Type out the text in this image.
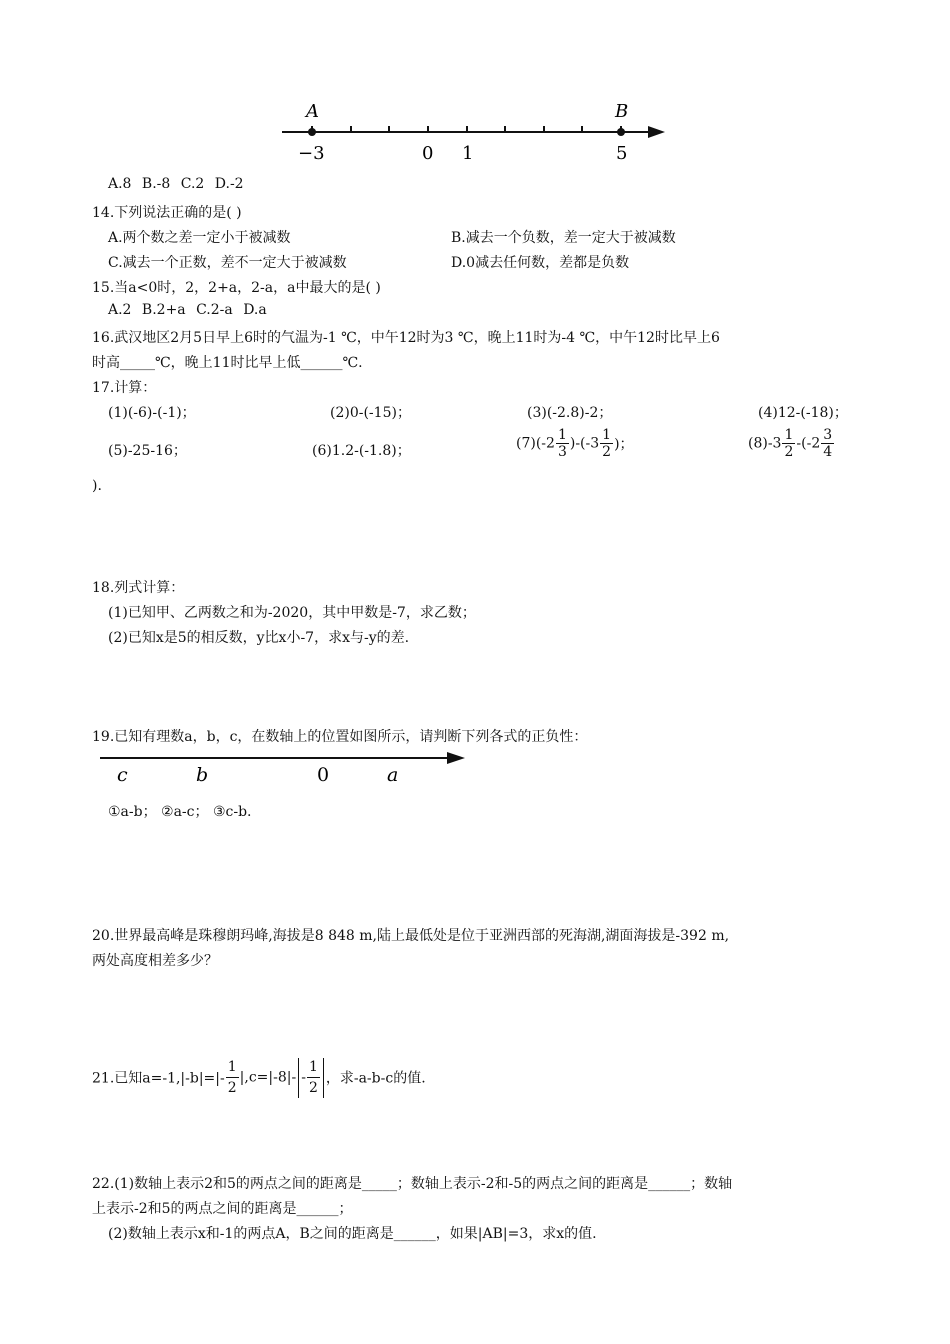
A	B
−3	0 1	5
A.8 B.-8 C.2 D.-2
14.下列说法正确的是( )
A.两个数之差一定小于被减数	B.减去一个负数，差一定大于被减数
C.减去一个正数，差不一定大于被减数	D.0减去任何数，差都是负数
15.当a<0时，2，2+a，2-a，a中最大的是( )
A.2 B.2+a C.2-a D.a
16.武汉地区2月5日早上6时的气温为-1 ℃，中午12时为3 ℃，晚上11时为-4 ℃，中午12时比早上6
时高_____℃，晚上11时比早上低______℃.
17.计算：
(1)(-6)-(-1)；	(2)0-(-15)；	(3)(-2.8)-2；	(4)12-(-18)；
(5)-25-16；	(6)1.2-(-1.8)；	$(7)(-2 \frac{1}{3} )-(-3 \frac{1}{2}$ )；	$(8)-3 \frac{1}{2} -(-2 \frac{3}{4}$
).
18.列式计算：
(1)已知甲、乙两数之和为-2020，其中甲数是-7，求乙数；
(2)已知x是5的相反数，y比x小-7，求x与-y的差.
19.已知有理数a，b，c，在数轴上的位置如图所示，请判断下列各式的正负性：
c	b	0	a
①a-b； ②a-c； ③c-b.
20.世界最高峰是珠穆朗玛峰,海拔是8 848 m,陆上最低处是位于亚洲西部的死海湖,湖面海拔是-392 m,
两处高度相差多少？
21.已知$a=-1,|-b|=|- \frac{1}{2} |,c=|-8|- - \frac{1}{2}$ ，求-a-b-c的值.
22.(1)数轴上表示2和5的两点之间的距离是_____；数轴上表示-2和-5的两点之间的距离是______；数轴
上表示-2和5的两点之间的距离是______；
(2)数轴上表示x和-1的两点A，B之间的距离是______，如果|AB|=3，求x的值.
